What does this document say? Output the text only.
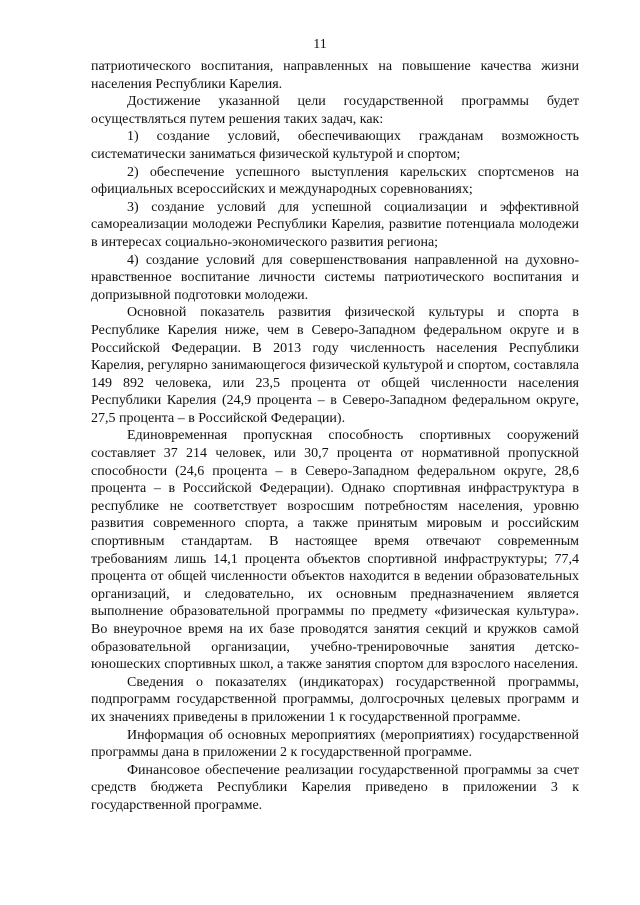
11

патриотического воспитания, направленных на повышение качества жизни населения Республики Карелия.

Достижение указанной цели государственной программы будет осуществляться путем решения таких задач, как:

1) создание условий, обеспечивающих гражданам возможность систематически заниматься физической культурой и спортом;

2) обеспечение успешного выступления карельских спортсменов на официальных всероссийских и международных соревнованиях;

3) создание условий для успешной социализации и эффективной самореализации молодежи Республики Карелия, развитие потенциала молодежи в интересах социально-экономического развития региона;

4) создание условий для совершенствования направленной на духовно-нравственное воспитание личности системы патриотического воспитания и допризывной подготовки молодежи.

Основной показатель развития физической культуры и спорта в Республике Карелия ниже, чем в Северо-Западном федеральном округе и в Российской Федерации. В 2013 году численность населения Республики Карелия, регулярно занимающегося физической культурой и спортом, составляла 149 892 человека, или 23,5 процента от общей численности населения Республики Карелия (24,9 процента – в Северо-Западном федеральном округе, 27,5 процента – в Российской Федерации).

Единовременная пропускная способность спортивных сооружений составляет 37 214 человек, или 30,7 процента от нормативной пропускной способности (24,6 процента – в Северо-Западном федеральном округе, 28,6 процента – в Российской Федерации). Однако спортивная инфраструктура в республике не соответствует возросшим потребностям населения, уровню развития современного спорта, а также принятым мировым и российским спортивным стандартам. В настоящее время отвечают современным требованиям лишь 14,1 процента объектов спортивной инфраструктуры; 77,4 процента от общей численности объектов находится в ведении образовательных организаций, и следовательно, их основным предназначением является выполнение образовательной программы по предмету «физическая культура». Во внеурочное время на их базе проводятся занятия секций и кружков самой образовательной организации, учебно-тренировочные занятия детско-юношеских спортивных школ, а также занятия спортом для взрослого населения.

Сведения о показателях (индикаторах) государственной программы, подпрограмм государственной программы, долгосрочных целевых программ и их значениях приведены в приложении 1 к государственной программе.

Информация об основных мероприятиях (мероприятиях) государственной программы дана в приложении 2 к государственной программе.

Финансовое обеспечение реализации государственной программы за счет средств бюджета Республики Карелия приведено в приложении 3 к государственной программе.
